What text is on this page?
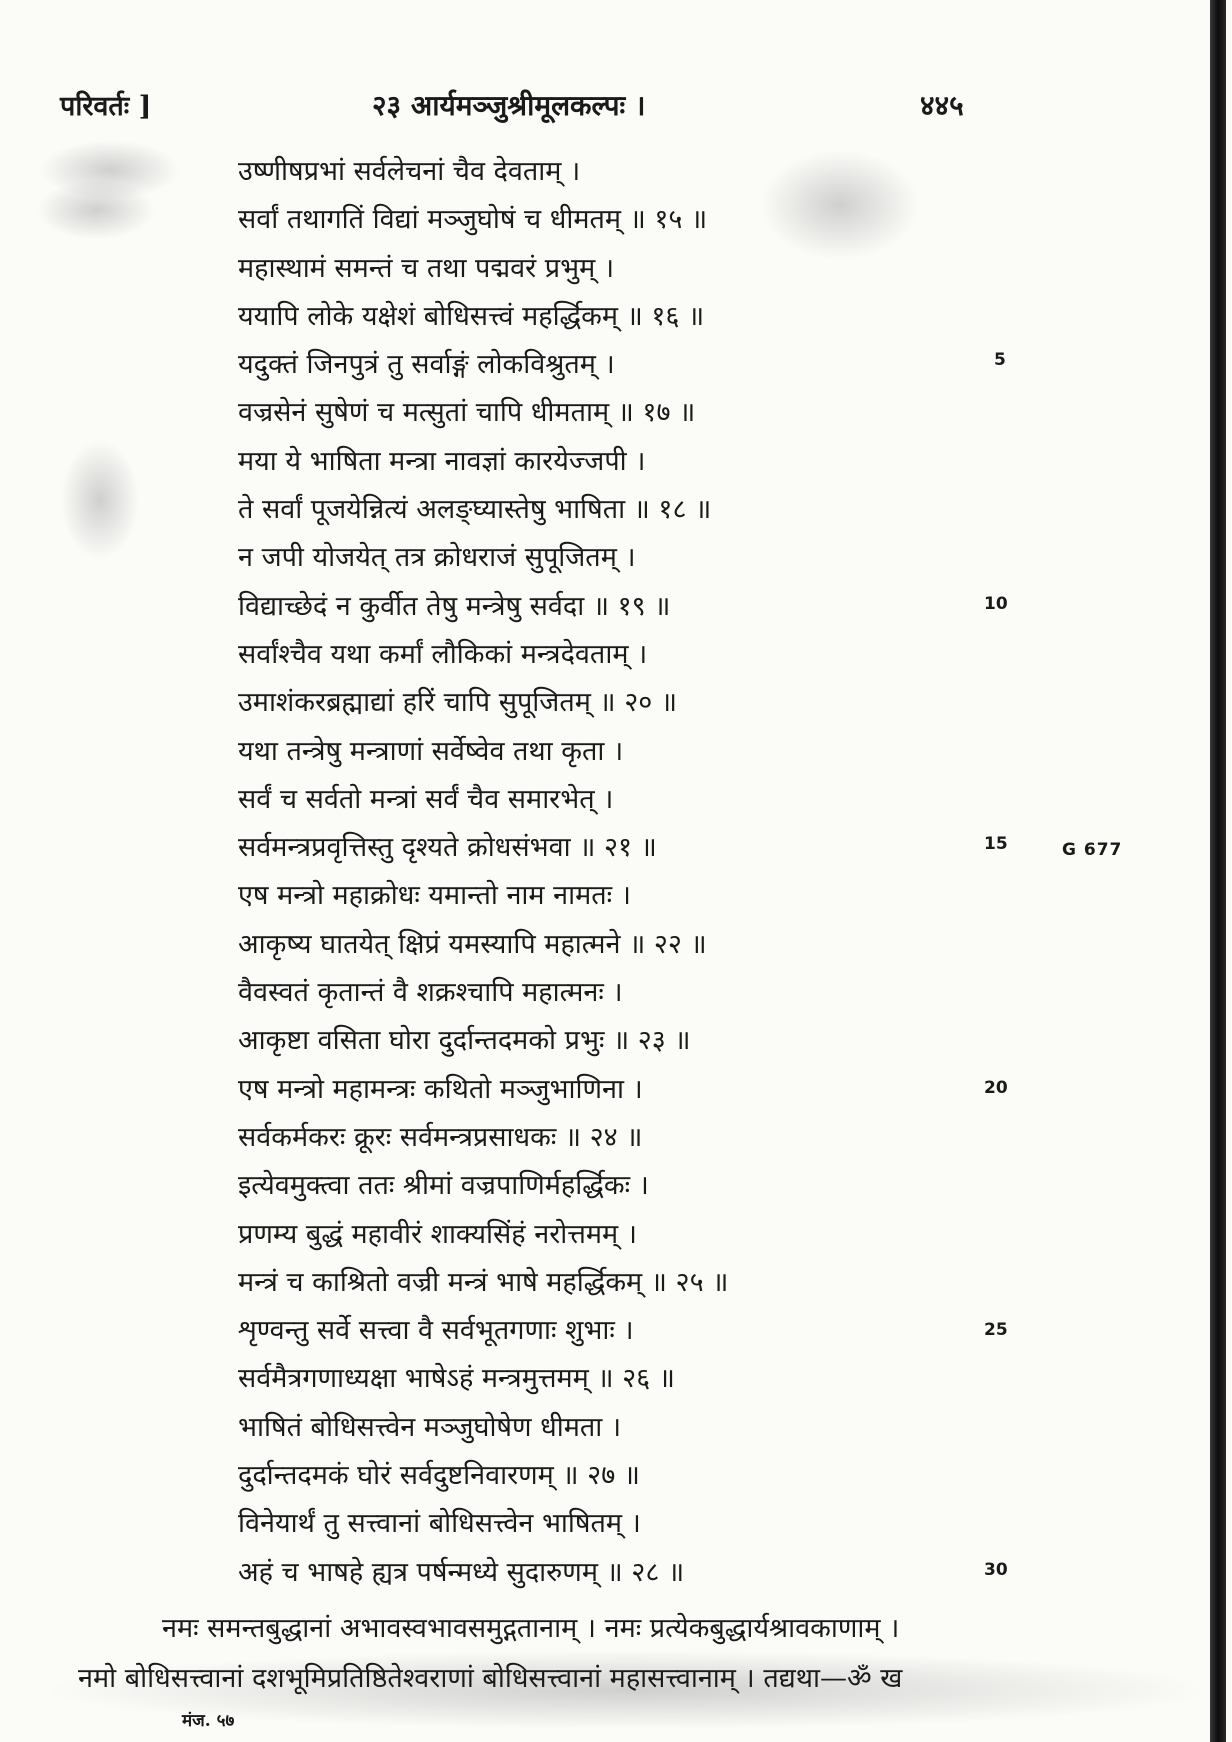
परिवर्तः ]	२३ आर्यमञ्जुश्रीमूलकल्पः ।	४४५
उष्णीषप्रभां सर्वलेचनां चैव देवताम् ।
सर्वां तथागतिं विद्यां मञ्जुघोषं च धीमतम् ॥ १५ ॥
महास्थामं समन्तं च तथा पद्मवरं प्रभुम् ।
ययापि लोके यक्षेशं बोधिसत्त्वं महर्द्धिकम् ॥ १६ ॥
यदुक्तं जिनपुत्रं तु सर्वाङ्गं लोकविश्रुतम् ।
वज्रसेनं सुषेणं च मत्सुतां चापि धीमताम् ॥ १७ ॥
मया ये भाषिता मन्त्रा नावज्ञां कारयेज्जपी ।
ते सर्वां पूजयेन्नित्यं अलङ्घ्यास्तेषु भाषिता ॥ १८ ॥
न जपी योजयेत् तत्र क्रोधराजं सुपूजितम् ।
विद्याच्छेदं न कुर्वीत तेषु मन्त्रेषु सर्वदा ॥ १९ ॥
सर्वांश्चैव यथा कर्मां लौकिकां मन्त्रदेवताम् ।
उमाशंकरब्रह्माद्यां हरिं चापि सुपूजितम् ॥ २० ॥
यथा तन्त्रेषु मन्त्राणां सर्वेष्वेव तथा कृता ।
सर्वं च सर्वतो मन्त्रां सर्वं चैव समारभेत् ।
सर्वमन्त्रप्रवृत्तिस्तु दृश्यते क्रोधसंभवा ॥ २१ ॥
एष मन्त्रो महाक्रोधः यमान्तो नाम नामतः ।
आकृष्य घातयेत् क्षिप्रं यमस्यापि महात्मने ॥ २२ ॥
वैवस्वतं कृतान्तं वै शक्रश्चापि महात्मनः ।
आकृष्टा वसिता घोरा दुर्दान्तदमको प्रभुः ॥ २३ ॥
एष मन्त्रो महामन्त्रः कथितो मञ्जुभाणिना ।
सर्वकर्मकरः क्रूरः सर्वमन्त्रप्रसाधकः ॥ २४ ॥
इत्येवमुक्त्वा ततः श्रीमां वज्रपाणिर्महर्द्धिकः ।
प्रणम्य बुद्धं महावीरं शाक्यसिंहं नरोत्तमम् ।
मन्त्रं च काश्रितो वज्री मन्त्रं भाषे महर्द्धिकम् ॥ २५ ॥
शृण्वन्तु सर्वे सत्त्वा वै सर्वभूतगणाः शुभाः ।
सर्वमैत्रगणाध्यक्षा भाषेऽहं मन्त्रमुत्तमम् ॥ २६ ॥
भाषितं बोधिसत्त्वेन मञ्जुघोषेण धीमता ।
दुर्दान्तदमकं घोरं सर्वदुष्टनिवारणम् ॥ २७ ॥
विनेयार्थं तु सत्त्वानां बोधिसत्त्वेन भाषितम् ।
अहं च भाषहे ह्यत्र पर्षन्मध्ये सुदारुणम् ॥ २८ ॥
5
10
15
20
25
30
G 677
नमः समन्तबुद्धानां अभावस्वभावसमुद्गतानाम् । नमः प्रत्येकबुद्धार्यश्रावकाणाम् ।
नमो बोधिसत्त्वानां दशभूमिप्रतिष्ठितेश्वराणां बोधिसत्त्वानां महासत्त्वानाम् । तद्यथा—ॐ ख
मंज. ५७
